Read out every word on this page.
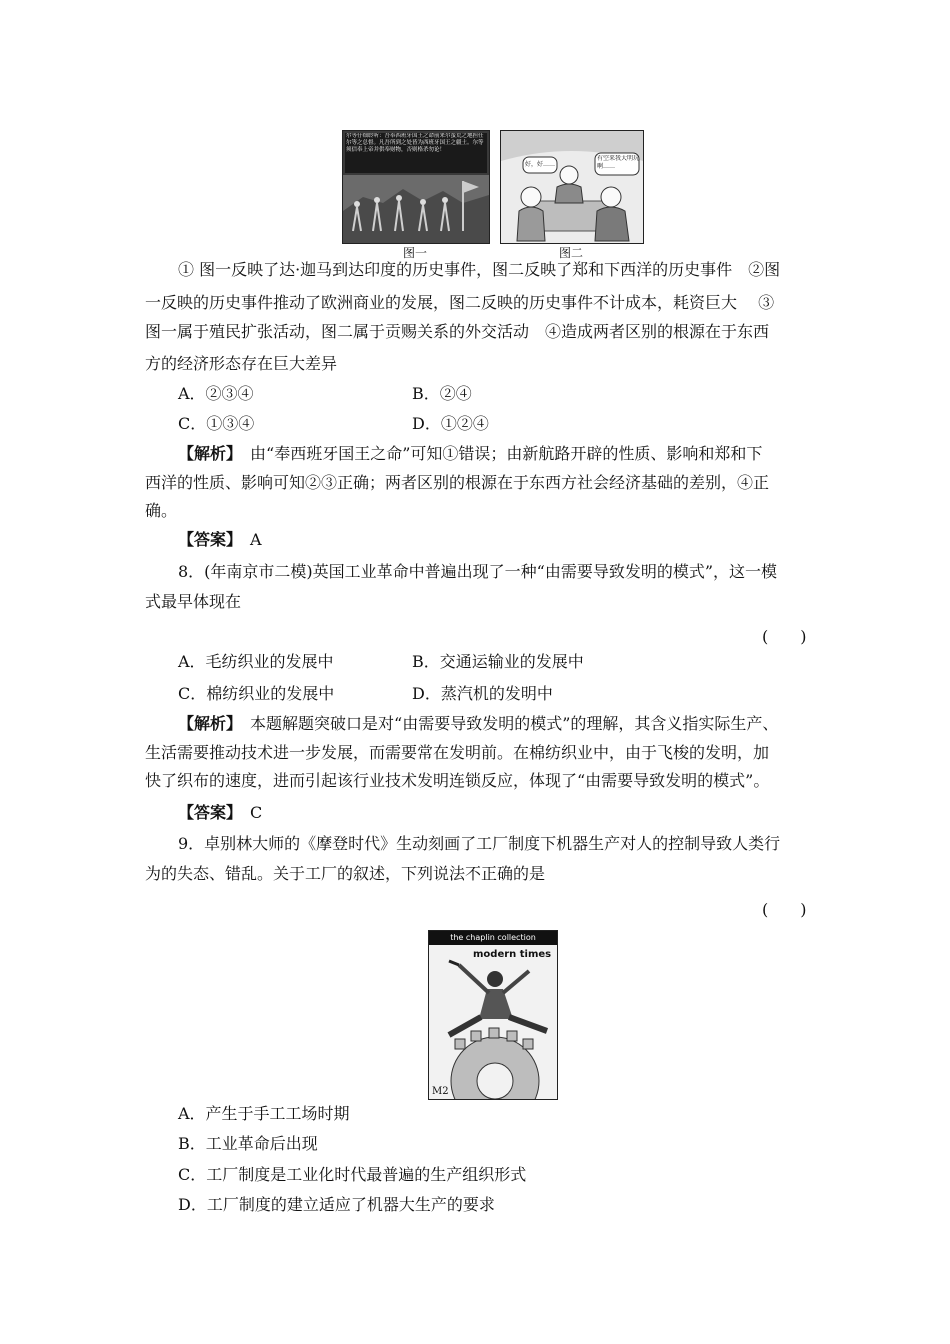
尔等仔细聆听：吾奉西班牙国王之命前来尔蛮荒之地担任尔等之总督。凡吾所到之处皆为西班牙国王之疆土。尔等须信奉上帝并供奉财物，否则格杀勿论！
好，好……
有空来我大明玩啊……
图一	图二
① 图一反映了达·迦马到达印度的历史事件，图二反映了郑和下西洋的历史事件　②图
一反映的历史事件推动了欧洲商业的发展，图二反映的历史事件不计成本，耗资巨大　 ③
图一属于殖民扩张活动，图二属于贡赐关系的外交活动　④造成两者区别的根源在于东西
方的经济形态存在巨大差异
A．②③④	B．②④
C．①③④	D．①②④
【解析】　 由“奉西班牙国王之命”可知①错误；由新航路开辟的性质、影响和郑和下
西洋的性质、影响可知②③正确；两者区别的根源在于东西方社会经济基础的差别，④正
确。
【答案】　 A
8．(年南京市二模)英国工业革命中普遍出现了一种“由需要导致发明的模式”，这一模
式最早体现在
(　　)
A．毛纺织业的发展中	B．交通运输业的发展中
C．棉纺织业的发展中	D．蒸汽机的发明中
【解析】　 本题解题突破口是对“由需要导致发明的模式”的理解，其含义指实际生产、
生活需要推动技术进一步发展，而需要常在发明前。在棉纺织业中，由于飞梭的发明，加
快了织布的速度，进而引起该行业技术发明连锁反应，体现了“由需要导致发明的模式”。
【答案】　 C
9．卓别林大师的《摩登时代》生动刻画了工厂制度下机器生产对人的控制导致人类行
为的失态、错乱。关于工厂的叙述，下列说法不正确的是
(　　)
the chaplin collection
modern times
M2
A．产生于手工工场时期
B．工业革命后出现
C．工厂制度是工业化时代最普遍的生产组织形式
D．工厂制度的建立适应了机器大生产的要求
